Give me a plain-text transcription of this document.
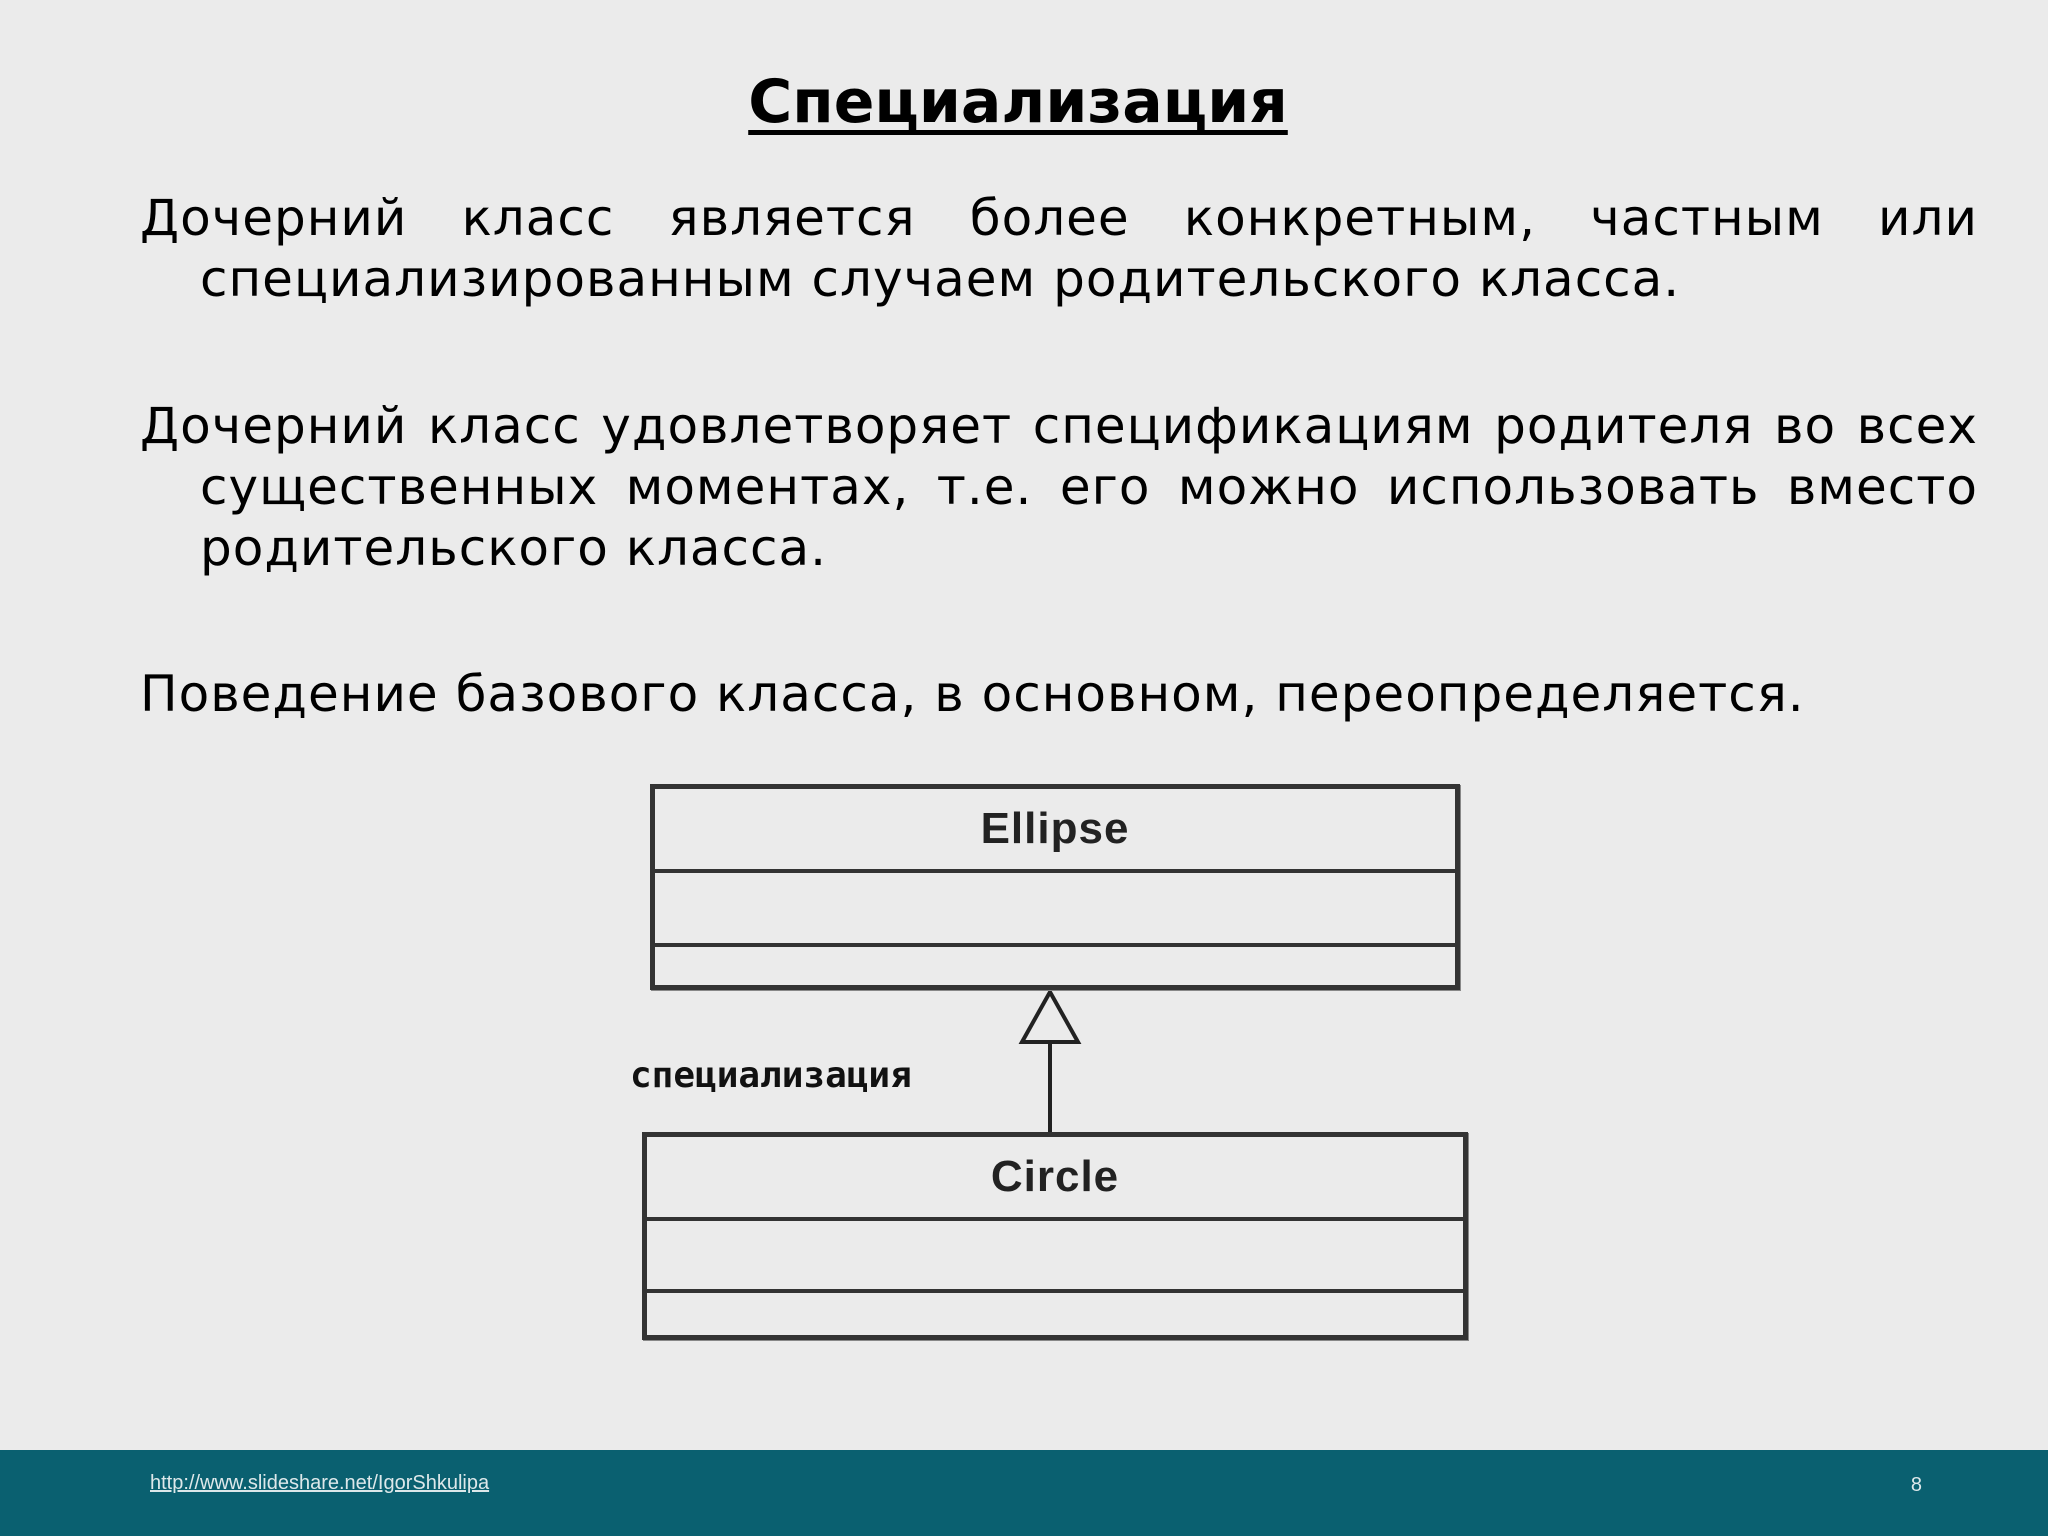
Специализация

Дочерний класс является более конкретным, частным или специализированным случаем родительского класса.

Дочерний класс удовлетворяет спецификациям родителя во всех существенных моментах, т.е. его можно использовать вместо родительского класса.

Поведение базового класса, в основном, переопределяется.

Ellipse
специализация
Circle
http://www.slideshare.net/IgorShkulipa	8
